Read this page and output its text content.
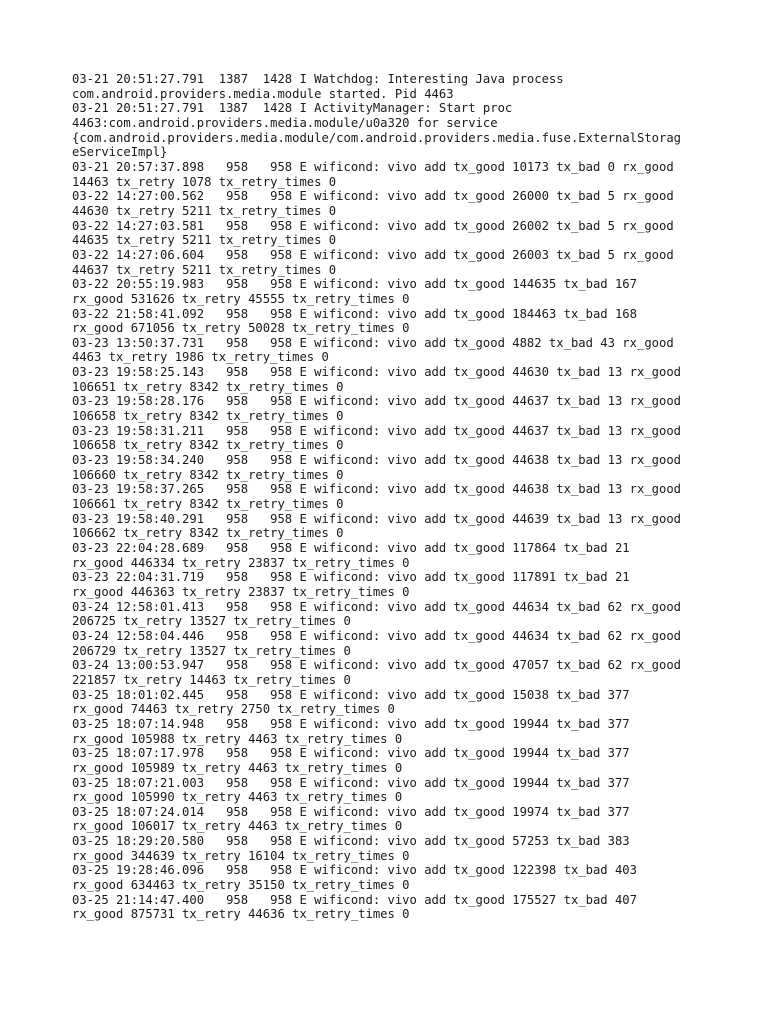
03-21 20:51:27.791  1387  1428 I Watchdog: Interesting Java process
com.android.providers.media.module started. Pid 4463
03-21 20:51:27.791  1387  1428 I ActivityManager: Start proc
4463:com.android.providers.media.module/u0a320 for service
{com.android.providers.media.module/com.android.providers.media.fuse.ExternalStorag
eServiceImpl}
03-21 20:57:37.898   958   958 E wificond: vivo add tx_good 10173 tx_bad 0 rx_good
14463 tx_retry 1078 tx_retry_times 0
03-22 14:27:00.562   958   958 E wificond: vivo add tx_good 26000 tx_bad 5 rx_good
44630 tx_retry 5211 tx_retry_times 0
03-22 14:27:03.581   958   958 E wificond: vivo add tx_good 26002 tx_bad 5 rx_good
44635 tx_retry 5211 tx_retry_times 0
03-22 14:27:06.604   958   958 E wificond: vivo add tx_good 26003 tx_bad 5 rx_good
44637 tx_retry 5211 tx_retry_times 0
03-22 20:55:19.983   958   958 E wificond: vivo add tx_good 144635 tx_bad 167
rx_good 531626 tx_retry 45555 tx_retry_times 0
03-22 21:58:41.092   958   958 E wificond: vivo add tx_good 184463 tx_bad 168
rx_good 671056 tx_retry 50028 tx_retry_times 0
03-23 13:50:37.731   958   958 E wificond: vivo add tx_good 4882 tx_bad 43 rx_good
4463 tx_retry 1986 tx_retry_times 0
03-23 19:58:25.143   958   958 E wificond: vivo add tx_good 44630 tx_bad 13 rx_good
106651 tx_retry 8342 tx_retry_times 0
03-23 19:58:28.176   958   958 E wificond: vivo add tx_good 44637 tx_bad 13 rx_good
106658 tx_retry 8342 tx_retry_times 0
03-23 19:58:31.211   958   958 E wificond: vivo add tx_good 44637 tx_bad 13 rx_good
106658 tx_retry 8342 tx_retry_times 0
03-23 19:58:34.240   958   958 E wificond: vivo add tx_good 44638 tx_bad 13 rx_good
106660 tx_retry 8342 tx_retry_times 0
03-23 19:58:37.265   958   958 E wificond: vivo add tx_good 44638 tx_bad 13 rx_good
106661 tx_retry 8342 tx_retry_times 0
03-23 19:58:40.291   958   958 E wificond: vivo add tx_good 44639 tx_bad 13 rx_good
106662 tx_retry 8342 tx_retry_times 0
03-23 22:04:28.689   958   958 E wificond: vivo add tx_good 117864 tx_bad 21
rx_good 446334 tx_retry 23837 tx_retry_times 0
03-23 22:04:31.719   958   958 E wificond: vivo add tx_good 117891 tx_bad 21
rx_good 446363 tx_retry 23837 tx_retry_times 0
03-24 12:58:01.413   958   958 E wificond: vivo add tx_good 44634 tx_bad 62 rx_good
206725 tx_retry 13527 tx_retry_times 0
03-24 12:58:04.446   958   958 E wificond: vivo add tx_good 44634 tx_bad 62 rx_good
206729 tx_retry 13527 tx_retry_times 0
03-24 13:00:53.947   958   958 E wificond: vivo add tx_good 47057 tx_bad 62 rx_good
221857 tx_retry 14463 tx_retry_times 0
03-25 18:01:02.445   958   958 E wificond: vivo add tx_good 15038 tx_bad 377
rx_good 74463 tx_retry 2750 tx_retry_times 0
03-25 18:07:14.948   958   958 E wificond: vivo add tx_good 19944 tx_bad 377
rx_good 105988 tx_retry 4463 tx_retry_times 0
03-25 18:07:17.978   958   958 E wificond: vivo add tx_good 19944 tx_bad 377
rx_good 105989 tx_retry 4463 tx_retry_times 0
03-25 18:07:21.003   958   958 E wificond: vivo add tx_good 19944 tx_bad 377
rx_good 105990 tx_retry 4463 tx_retry_times 0
03-25 18:07:24.014   958   958 E wificond: vivo add tx_good 19974 tx_bad 377
rx_good 106017 tx_retry 4463 tx_retry_times 0
03-25 18:29:20.580   958   958 E wificond: vivo add tx_good 57253 tx_bad 383
rx_good 344639 tx_retry 16104 tx_retry_times 0
03-25 19:28:46.096   958   958 E wificond: vivo add tx_good 122398 tx_bad 403
rx_good 634463 tx_retry 35150 tx_retry_times 0
03-25 21:14:47.400   958   958 E wificond: vivo add tx_good 175527 tx_bad 407
rx_good 875731 tx_retry 44636 tx_retry_times 0
